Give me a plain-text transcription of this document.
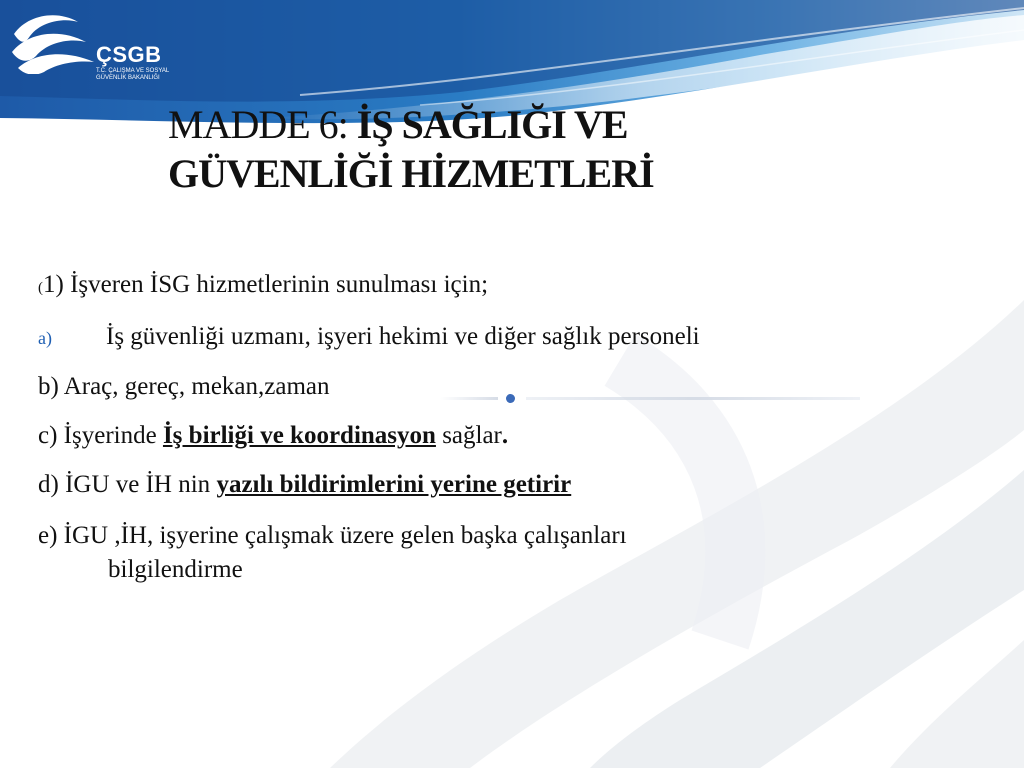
ÇSGB
T.C. ÇALIŞMA VE SOSYAL GÜVENLİK BAKANLIĞI
MADDE 6: İŞ SAĞLIĞI VE
GÜVENLİĞİ HİZMETLERİ
(1) İşveren İSG hizmetlerinin sunulması için;
a) İş güvenliği uzmanı, işyeri hekimi ve diğer sağlık personeli
b) Araç, gereç, mekan,zaman
c) İşyerinde İş birliği ve koordinasyon sağlar.
d) İGU ve İH nin yazılı bildirimlerini yerine getirir
e) İGU ,İH, işyerine çalışmak üzere gelen başka çalışanları
bilgilendirme
